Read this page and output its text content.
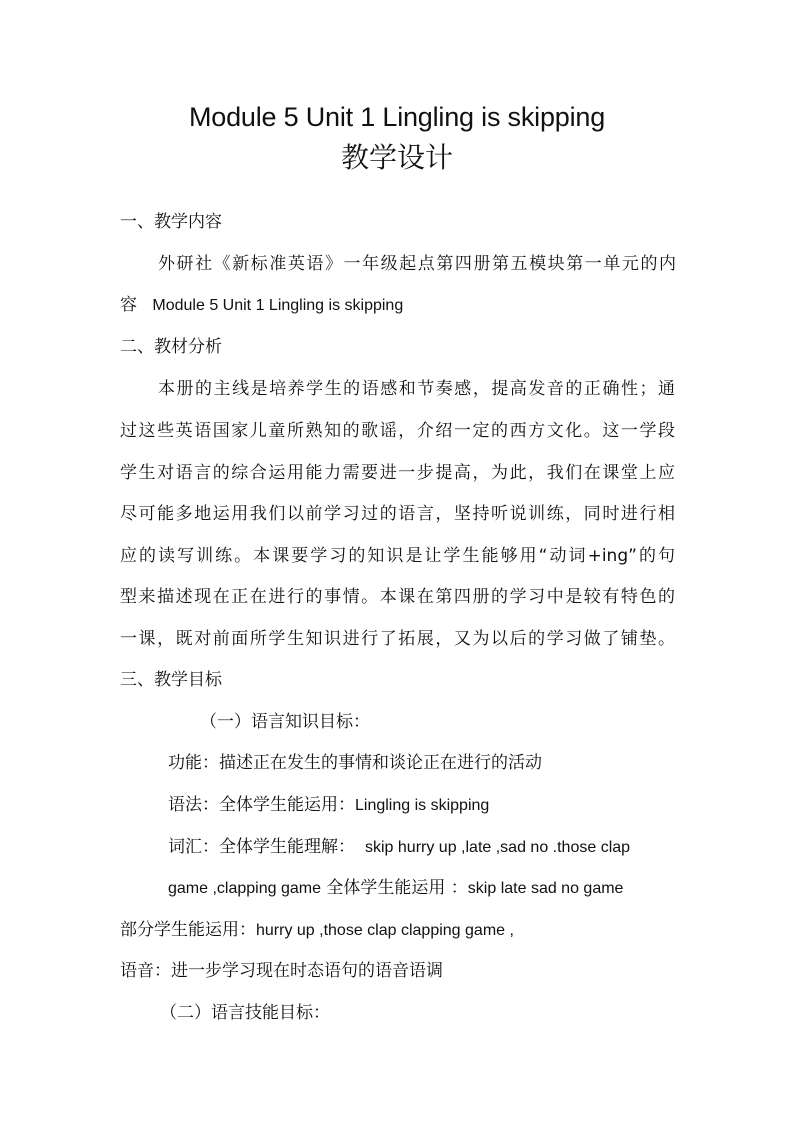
Module 5 Unit 1 Lingling is skipping
教学设计
一、教学内容
外研社《新标准英语》一年级起点第四册第五模块第一单元的内
容 Module 5 Unit 1 Lingling is skipping
二、教材分析
本册的主线是培养学生的语感和节奏感，提高发音的正确性；通
过这些英语国家儿童所熟知的歌谣，介绍一定的西方文化。这一学段
学生对语言的综合运用能力需要进一步提高，为此，我们在课堂上应
尽可能多地运用我们以前学习过的语言，坚持听说训练，同时进行相
应的读写训练。本课要学习的知识是让学生能够用“动词+ing”的句
型来描述现在正在进行的事情。本课在第四册的学习中是较有特色的
一课，既对前面所学生知识进行了拓展，又为以后的学习做了铺垫。
三、教学目标
（一）语言知识目标：
功能：描述正在发生的事情和谈论正在进行的活动
语法：全体学生能运用：Lingling is skipping
词汇：全体学生能理解： skip hurry up ,late ,sad no .those clap
game ,clapping game 全体学生能运用 ：skip late sad no game
部分学生能运用：hurry up ,those clap clapping game ,
语音：进一步学习现在时态语句的语音语调
（二）语言技能目标：
